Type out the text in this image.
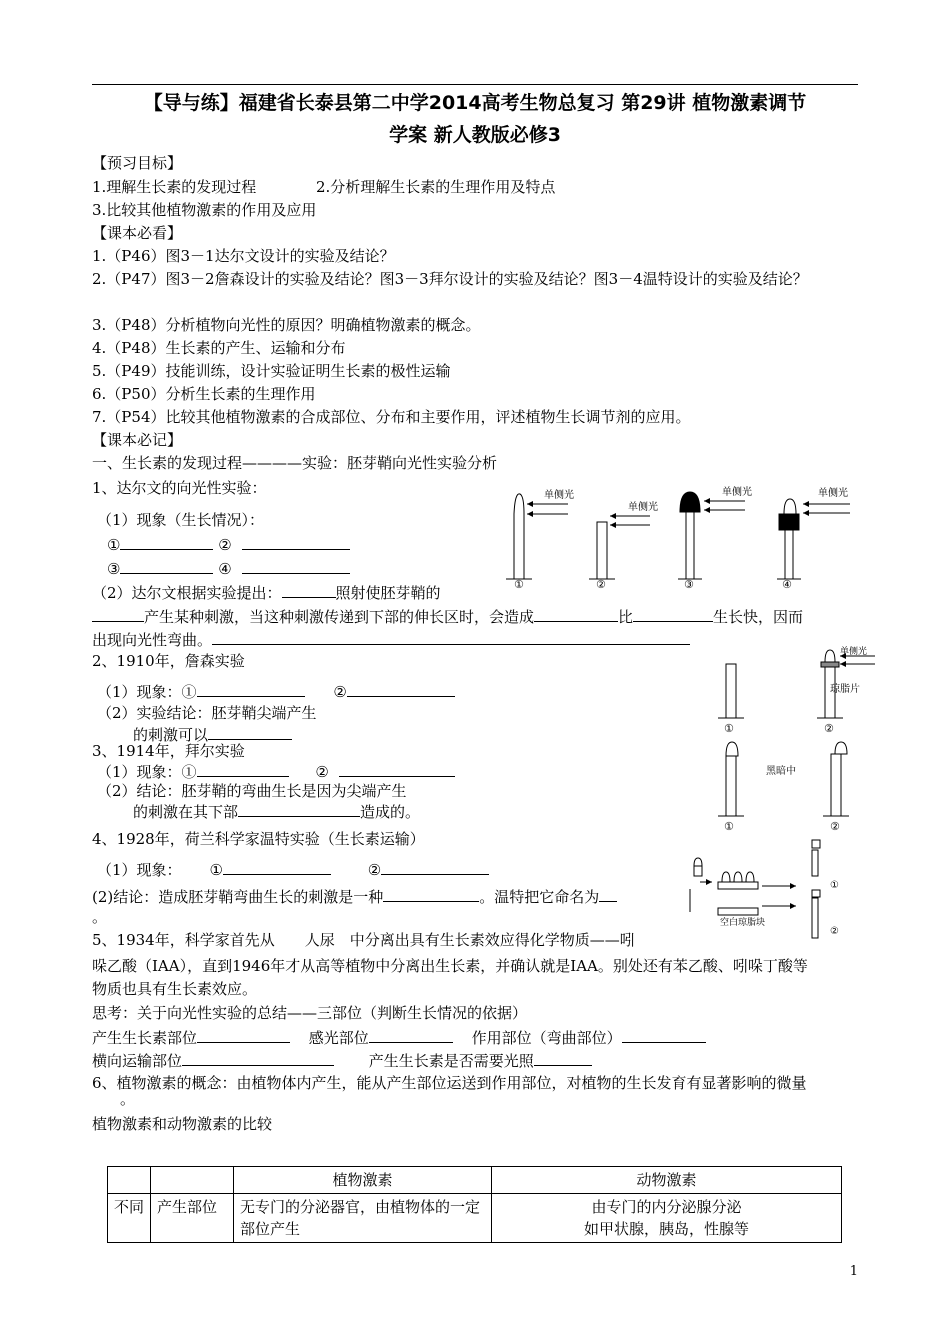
【导与练】福建省长泰县第二中学2014高考生物总复习 第29讲 植物激素调节
学案 新人教版必修3
【预习目标】
1.理解生长素的发现过程	2.分析理解生长素的生理作用及特点
3.比较其他植物激素的作用及应用
【课本必看】
1.（P46）图3－1达尔文设计的实验及结论？
2.（P47）图3－2詹森设计的实验及结论？图3－3拜尔设计的实验及结论？图3－4温特设计的实验及结论？
3.（P48）分析植物向光性的原因？明确植物激素的概念。
4.（P48）生长素的产生、运输和分布
5.（P49）技能训练，设计实验证明生长素的极性运输
6.（P50）分析生长素的生理作用
7.（P54）比较其他植物激素的合成部位、分布和主要作用，评述植物生长调节剂的应用。
【课本必记】
一、生长素的发现过程————实验：胚芽鞘向光性实验分析
1、达尔文的向光性实验：
（1）现象（生长情况）：
①	②
③	④
（2）达尔文根据实验提出：	照射使胚芽鞘的
产生某种刺激，当这种刺激传递到下部的伸长区时，会造成	比	生长快，因而
出现向光性弯曲。
2、1910年，詹森实验
（1）现象：①	②
（2）实验结论：胚芽鞘尖端产生
的刺激可以
3、1914年，拜尔实验
（1）现象：①	②
（2）结论：胚芽鞘的弯曲生长是因为尖端产生
的刺激在其下部	造成的。
4、1928年，荷兰科学家温特实验（生长素运输）
（1）现象： ①	②
(2)结论：造成胚芽鞘弯曲生长的刺激是一种	。温特把它命名为
。
5、1934年，科学家首先从　　人尿　中分离出具有生长素效应得化学物质——吲
哚乙酸（IAA），直到1946年才从高等植物中分离出生长素，并确认就是IAA。别处还有苯乙酸、吲哚丁酸等
物质也具有生长素效应。
思考：关于向光性实验的总结——三部位（判断生长情况的依据）
产生生长素部位	感光部位	作用部位（弯曲部位）
横向运输部位	产生生长素是否需要光照
6、植物激素的概念：由植物体内产生，能从产生部位运送到作用部位，对植物的生长发育有显著影响的微量
。
植物激素和动物激素的比较
		植物激素	动物激素
不同	产生部位	无专门的分泌器官，由植物体的一定部位产生	由专门的内分泌腺分泌
如甲状腺，胰岛，性腺等
1
单侧光
①
单侧光
②
单侧光
③
单侧光
④
①
单侧光
琼脂片
②
①
黑暗中
②
空白琼脂块
①
②
